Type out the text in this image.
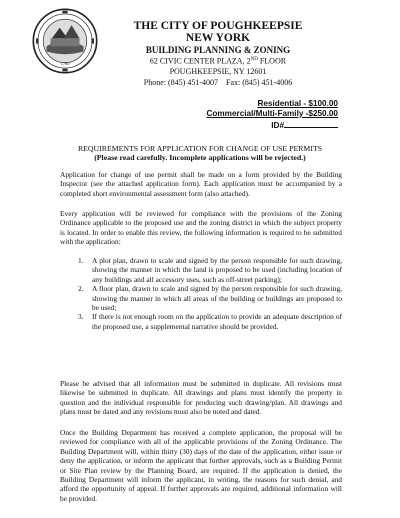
1780
THE CITY OF POUGHKEEPSIE
NEW YORK
BUILDING PLANNING & ZONING
62 CIVIC CENTER PLAZA, 2ND FLOOR
POUGHKEEPSIE, NY 12601
Phone: (845) 451-4007    Fax: (845) 451-4006
Residential - $100.00
Commercial/Multi-Family -$250.00
ID#
REQUIREMENTS FOR APPLICATION FOR CHANGE OF USE PERMITS
(Please read carefully. Incomplete applications will be rejected.)

Application for change of use permit shall be made on a form provided by the Building Inspector (see the attached application form). Each application must be accompanied by a completed short environmental assessment form (also attached).

Every application will be reviewed for compliance with the provisions of the Zoning Ordinance applicable to the proposed use and the zoning district in which the subject property is located. In order to enable this review, the following information is required to be submitted with the application:

1. A plot plan, drawn to scale and signed by the person responsible for such drawing, showing the manner in which the land is proposed to be used (including location of any buildings and all accessory uses, such as off-street parking);
2. A floor plan, drawn to scale and signed by the person responsible for such drawing, showing the manner in which all areas of the building or buildings are proposed to be used;
3. If there is not enough room on the application to provide an adequate description of the proposed use, a supplemental narrative should be provided.

Please be advised that all information must be submitted in duplicate. All revisions must likewise be submitted in duplicate. All drawings and plans must identify the property in question and the individual responsible for producing such drawing/plan. All drawings and plans must be dated and any revisions must also be noted and dated.

Once the Building Department has received a complete application, the proposal will be reviewed for compliance with all of the applicable provisions of the Zoning Ordinance. The Building Department will, within thirty (30) days of the date of the application, either issue or deny the application, or inform the applicant that further approvals, such as a Building Permit or Site Plan review by the Planning Board, are required. If the application is denied, the Building Department will inform the applicant, in writing, the reasons for such denial, and afford the opportunity of appeal. If further approvals are required, additional information will be provided.
